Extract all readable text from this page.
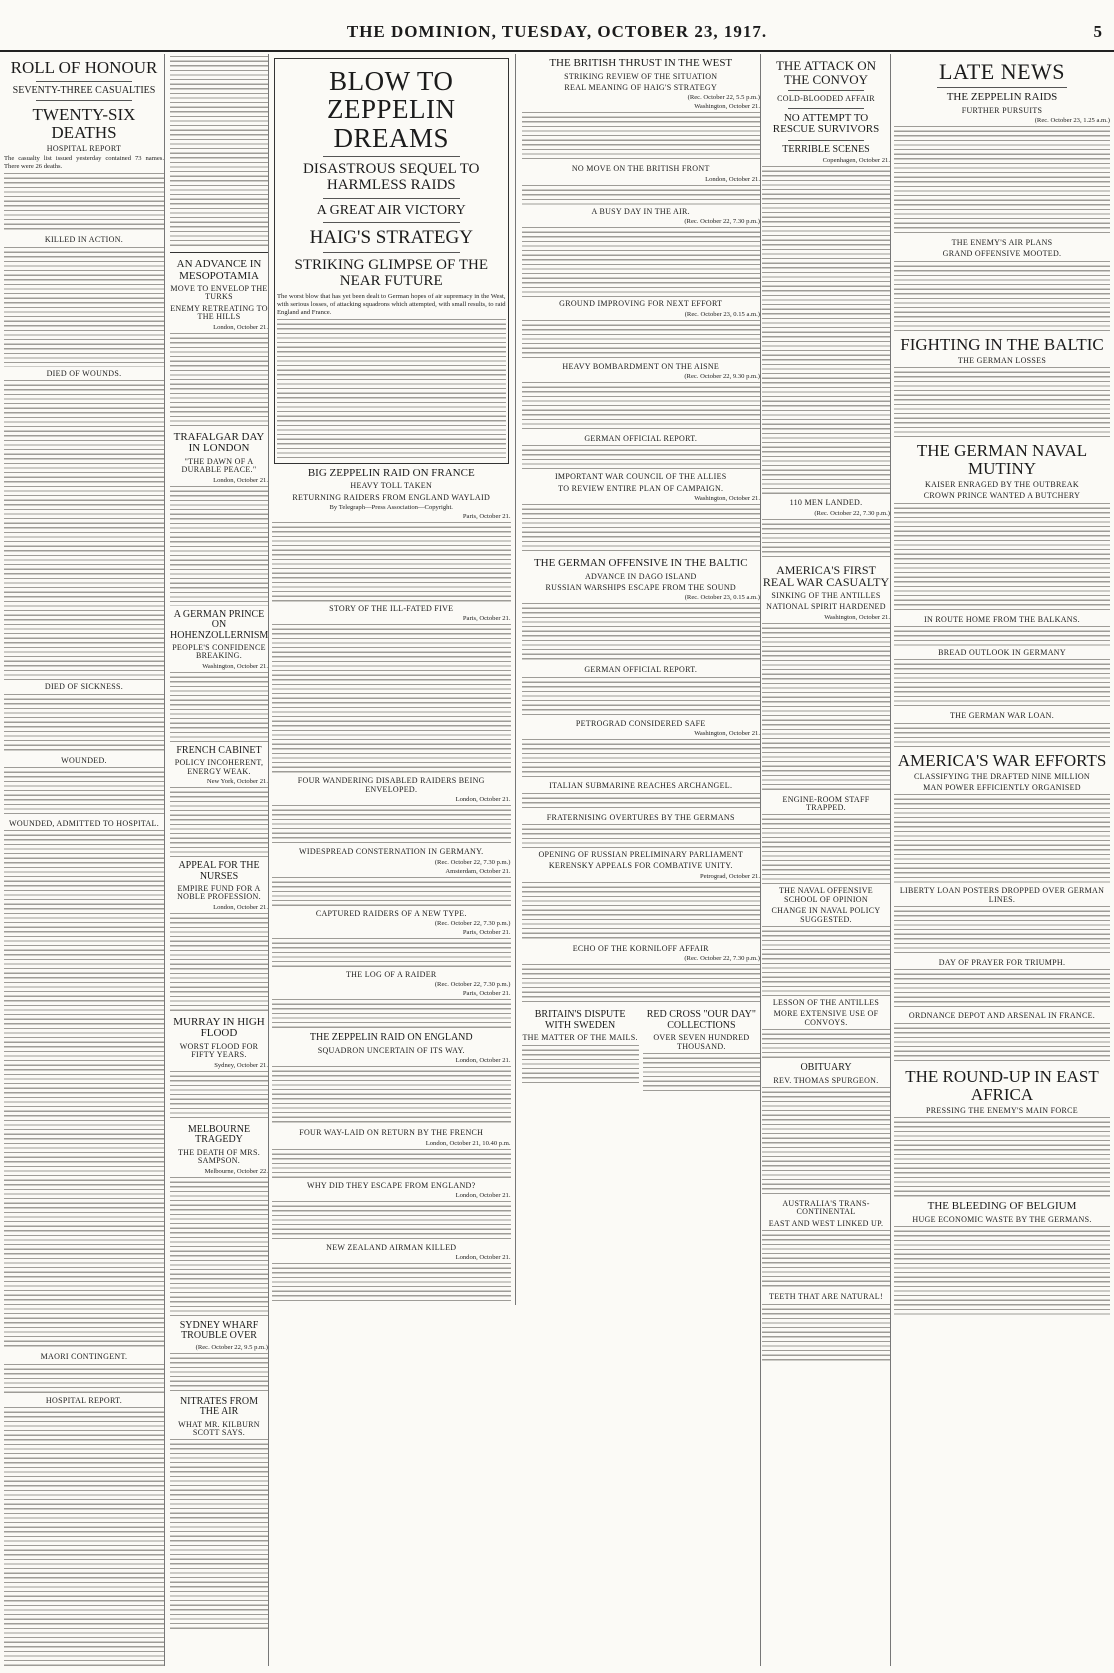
THE DOMINION, TUESDAY, OCTOBER 23, 1917.	5
ROLL OF HONOUR
SEVENTY-THREE CASUALTIES
TWENTY-SIX DEATHS
HOSPITAL REPORT

The casualty list issued yesterday contained 73 names. There were 26 deaths.

KILLED IN ACTION.
DIED OF WOUNDS.
DIED OF SICKNESS.
WOUNDED.
WOUNDED, ADMITTED TO HOSPITAL.
MAORI CONTINGENT.
HOSPITAL REPORT.
AN ADVANCE IN MESOPOTAMIA
MOVE TO ENVELOP THE TURKS
ENEMY RETREATING TO THE HILLS
London, October 21.
TRAFALGAR DAY IN LONDON
"THE DAWN OF A DURABLE PEACE."
London, October 21.
A GERMAN PRINCE ON HOHENZOLLERNISM
PEOPLE'S CONFIDENCE BREAKING.
Washington, October 21.
FRENCH CABINET
POLICY INCOHERENT, ENERGY WEAK.
New York, October 21.
APPEAL FOR THE NURSES
EMPIRE FUND FOR A NOBLE PROFESSION.
London, October 21.
MURRAY IN HIGH FLOOD
WORST FLOOD FOR FIFTY YEARS.
Sydney, October 21.
MELBOURNE TRAGEDY
THE DEATH OF MRS. SAMPSON.
Melbourne, October 22.
SYDNEY WHARF TROUBLE OVER
(Rec. October 22, 9.5 p.m.)
NITRATES FROM THE AIR
WHAT MR. KILBURN SCOTT SAYS.
BLOW TO ZEPPELIN DREAMS
DISASTROUS SEQUEL TO HARMLESS RAIDS
A GREAT AIR VICTORY
HAIG'S STRATEGY
STRIKING GLIMPSE OF THE NEAR FUTURE

The worst blow that has yet been dealt to German hopes of air supremacy in the West, with serious losses, of attacking squadrons which attempted, with small results, to raid England and France.

BIG ZEPPELIN RAID ON FRANCE
HEAVY TOLL TAKEN
RETURNING RAIDERS FROM ENGLAND WAYLAID
By Telegraph—Press Association—Copyright.
Paris, October 21.
STORY OF THE ILL-FATED FIVE
Paris, October 21.
FOUR WANDERING DISABLED RAIDERS BEING ENVELOPED.
London, October 21.
WIDESPREAD CONSTERNATION IN GERMANY.
(Rec. October 22, 7.30 p.m.)
Amsterdam, October 21.
CAPTURED RAIDERS OF A NEW TYPE.
(Rec. October 22, 7.30 p.m.)
Paris, October 21.
THE LOG OF A RAIDER
(Rec. October 22, 7.30 p.m.)
Paris, October 21.
THE ZEPPELIN RAID ON ENGLAND
SQUADRON UNCERTAIN OF ITS WAY.
London, October 21.
FOUR WAY-LAID ON RETURN BY THE FRENCH
London, October 21, 10.40 p.m.
WHY DID THEY ESCAPE FROM ENGLAND?
London, October 21.
NEW ZEALAND AIRMAN KILLED
London, October 21.
THE BRITISH THRUST IN THE WEST
STRIKING REVIEW OF THE SITUATION
REAL MEANING OF HAIG'S STRATEGY
(Rec. October 22, 5.5 p.m.)
Washington, October 21.
NO MOVE ON THE BRITISH FRONT
London, October 21.
A BUSY DAY IN THE AIR.
(Rec. October 22, 7.30 p.m.)
GROUND IMPROVING FOR NEXT EFFORT
(Rec. October 23, 0.15 a.m.)
HEAVY BOMBARDMENT ON THE AISNE
(Rec. October 22, 9.30 p.m.)
GERMAN OFFICIAL REPORT.
IMPORTANT WAR COUNCIL OF THE ALLIES
TO REVIEW ENTIRE PLAN OF CAMPAIGN.
Washington, October 21.
THE GERMAN OFFENSIVE IN THE BALTIC
ADVANCE IN DAGO ISLAND
RUSSIAN WARSHIPS ESCAPE FROM THE SOUND
(Rec. October 23, 0.15 a.m.)
GERMAN OFFICIAL REPORT.
PETROGRAD CONSIDERED SAFE
Washington, October 21.
ITALIAN SUBMARINE REACHES ARCHANGEL.
FRATERNISING OVERTURES BY THE GERMANS
OPENING OF RUSSIAN PRELIMINARY PARLIAMENT
KERENSKY APPEALS FOR COMBATIVE UNITY.
Petrograd, October 21.
ECHO OF THE KORNILOFF AFFAIR
(Rec. October 22, 7.30 p.m.)
BRITAIN'S DISPUTE WITH SWEDEN
THE MATTER OF THE MAILS.
RED CROSS "OUR DAY" COLLECTIONS
OVER SEVEN HUNDRED THOUSAND.
THE ATTACK ON THE CONVOY
COLD-BLOODED AFFAIR
NO ATTEMPT TO RESCUE SURVIVORS
TERRIBLE SCENES
Copenhagen, October 21.
110 MEN LANDED.
(Rec. October 22, 7.30 p.m.)
AMERICA'S FIRST REAL WAR CASUALTY
SINKING OF THE ANTILLES
NATIONAL SPIRIT HARDENED
Washington, October 21.
ENGINE-ROOM STAFF TRAPPED.
THE NAVAL OFFENSIVE SCHOOL OF OPINION
CHANGE IN NAVAL POLICY SUGGESTED.
LESSON OF THE ANTILLES
MORE EXTENSIVE USE OF CONVOYS.
OBITUARY
REV. THOMAS SPURGEON.
AUSTRALIA'S TRANS-CONTINENTAL
EAST AND WEST LINKED UP.
TEETH THAT ARE NATURAL!
LATE NEWS
THE ZEPPELIN RAIDS
FURTHER PURSUITS
(Rec. October 23, 1.25 a.m.)
THE ENEMY'S AIR PLANS
GRAND OFFENSIVE MOOTED.
FIGHTING IN THE BALTIC
THE GERMAN LOSSES
THE GERMAN NAVAL MUTINY
KAISER ENRAGED BY THE OUTBREAK
CROWN PRINCE WANTED A BUTCHERY
IN ROUTE HOME FROM THE BALKANS.
BREAD OUTLOOK IN GERMANY
THE GERMAN WAR LOAN.
AMERICA'S WAR EFFORTS
CLASSIFYING THE DRAFTED NINE MILLION
MAN POWER EFFICIENTLY ORGANISED
LIBERTY LOAN POSTERS DROPPED OVER GERMAN LINES.
DAY OF PRAYER FOR TRIUMPH.
ORDNANCE DEPOT AND ARSENAL IN FRANCE.
THE ROUND-UP IN EAST AFRICA
PRESSING THE ENEMY'S MAIN FORCE
THE BLEEDING OF BELGIUM
HUGE ECONOMIC WASTE BY THE GERMANS.
